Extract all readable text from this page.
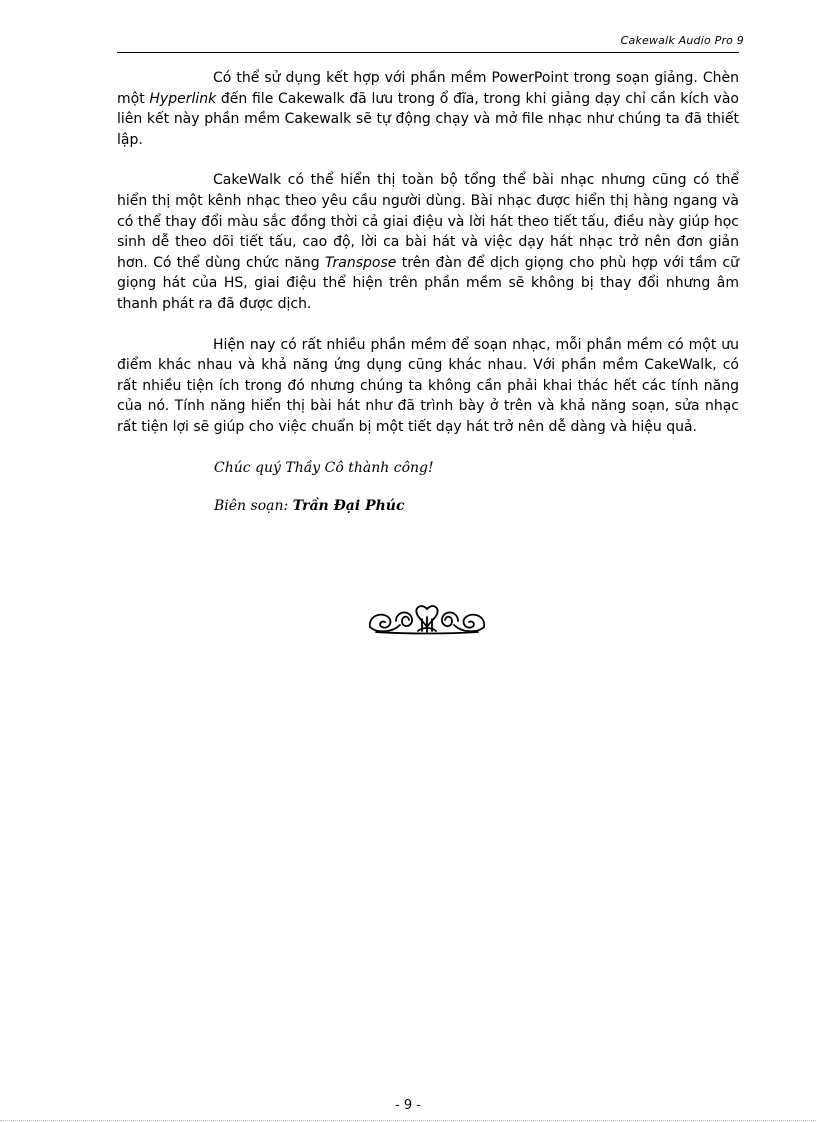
Cakewalk Audio Pro 9

Có thể sử dụng kết hợp với phần mềm PowerPoint trong soạn giảng. Chèn một Hyperlink đến file Cakewalk đã lưu trong ổ đĩa, trong khi giảng dạy chỉ cần kích vào liên kết này phần mềm Cakewalk sẽ tự động chạy và mở file nhạc như chúng ta đã thiết lập.

CakeWalk có thể hiển thị toàn bộ tổng thể bài nhạc nhưng cũng có thể hiển thị một kênh nhạc theo yêu cầu người dùng. Bài nhạc được hiển thị hàng ngang và có thể thay đổi màu sắc đồng thời cả giai điệu và lời hát theo tiết tấu, điều này giúp học sinh dễ theo dõi tiết tấu, cao độ, lời ca bài hát và việc dạy hát nhạc trở nên đơn giản hơn. Có thể dùng chức năng Transpose trên đàn để dịch giọng cho phù hợp với tầm cữ giọng hát của HS, giai điệu thể hiện trên phần mềm sẽ không bị thay đổi nhưng âm thanh phát ra đã được dịch.

Hiện nay có rất nhiều phần mềm để soạn nhạc, mỗi phần mềm có một ưu điểm khác nhau và khả năng ứng dụng cũng khác nhau. Với phần mềm CakeWalk, có rất nhiều tiện ích trong đó nhưng chúng ta không cần phải khai thác hết các tính năng của nó. Tính năng hiển thị bài hát như đã trình bày ở trên và khả năng soạn, sửa nhạc rất tiện lợi sẽ giúp cho việc chuẩn bị một tiết dạy hát trở nên dễ dàng và hiệu quả.

Chúc quý Thầy Cô thành công!

Biên soạn: Trần Đại Phúc

- 9 -
